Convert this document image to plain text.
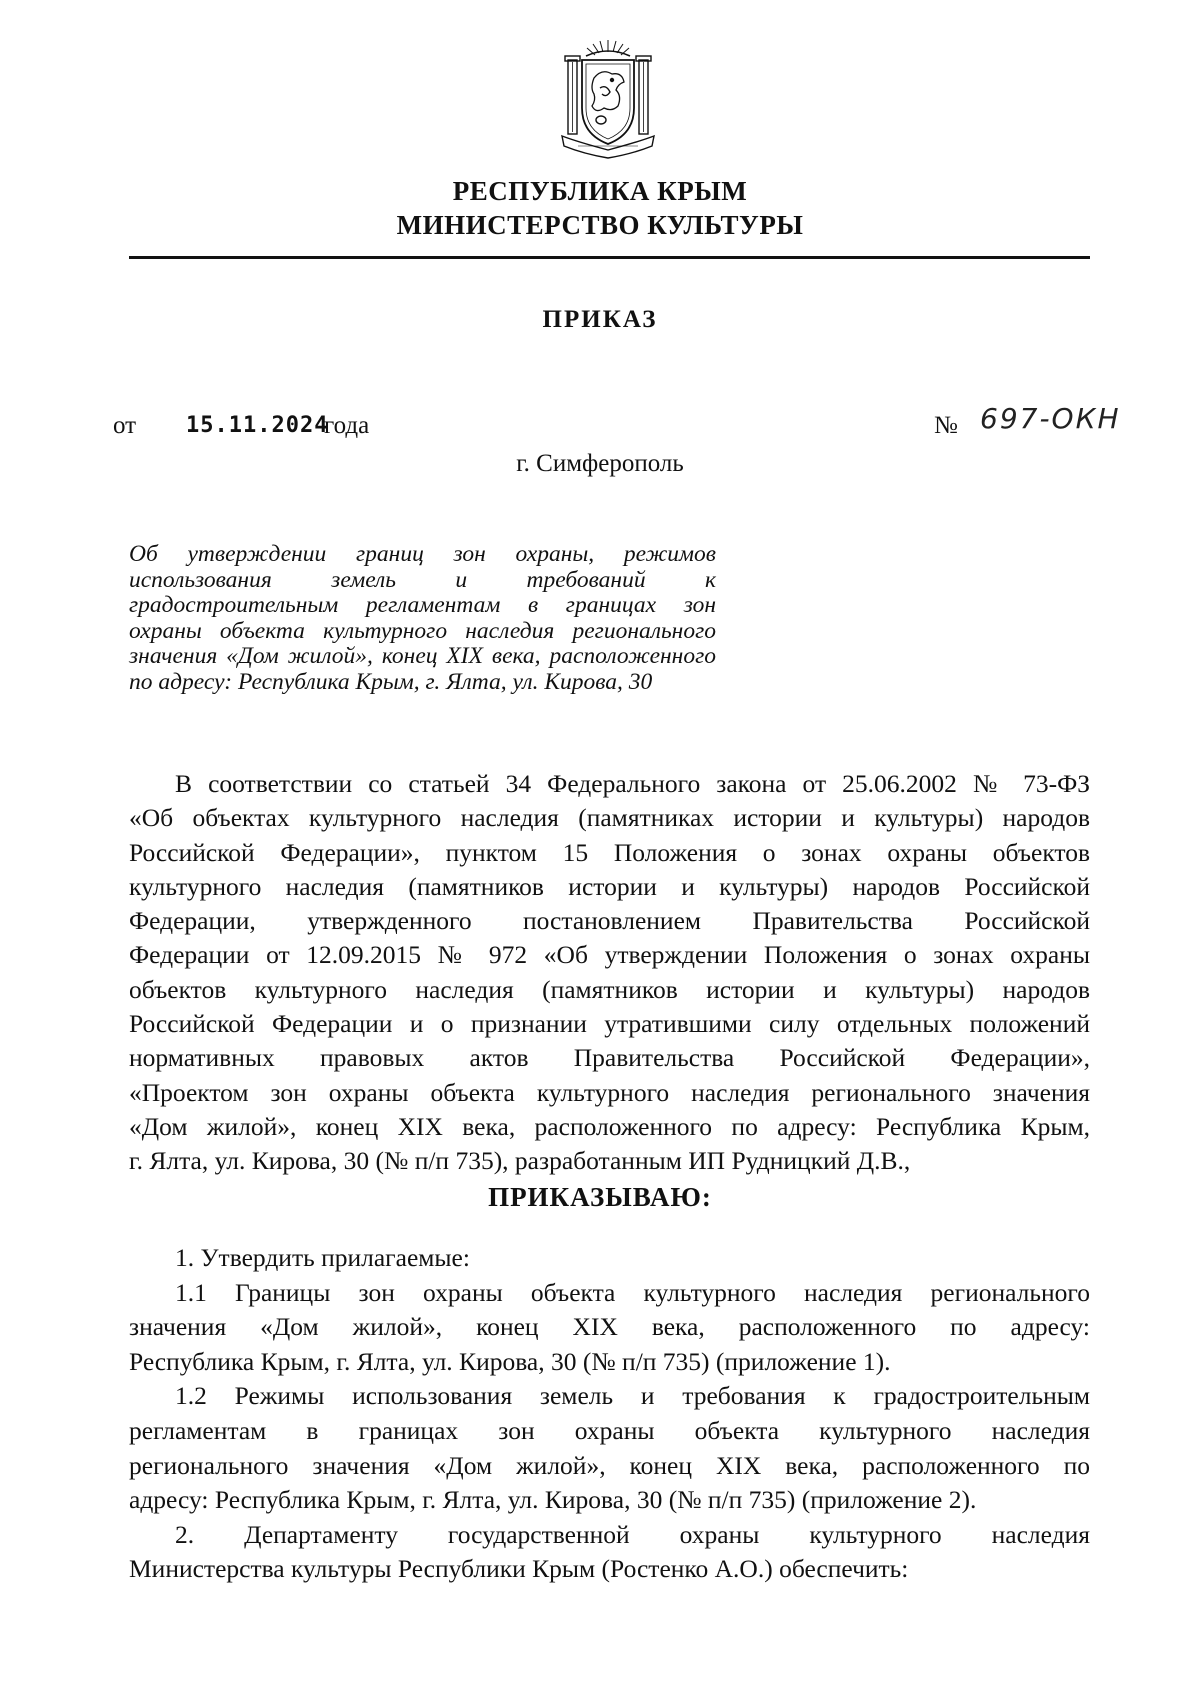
РЕСПУБЛИКА КРЫМ
МИНИСТЕРСТВО КУЛЬТУРЫ
ПРИКАЗ
от 15.11.2024
года	№ 697-ОКН
г. Симферополь
Об утверждении границ зон охраны, режимов
использования земель и требований к
градостроительным регламентам в границах зон
охраны объекта культурного наследия регионального
значения «Дом жилой», конец XIX века, расположенного
по адресу: Республика Крым, г. Ялта, ул. Кирова, 30
В соответствии со статьей 34 Федерального закона от 25.06.2002 № 73-ФЗ
«Об объектах культурного наследия (памятниках истории и культуры) народов
Российской Федерации», пунктом 15 Положения о зонах охраны объектов
культурного наследия (памятников истории и культуры) народов Российской
Федерации, утвержденного постановлением Правительства Российской
Федерации от 12.09.2015 № 972 «Об утверждении Положения о зонах охраны
объектов культурного наследия (памятников истории и культуры) народов
Российской Федерации и о признании утратившими силу отдельных положений
нормативных правовых актов Правительства Российской Федерации»,
«Проектом зон охраны объекта культурного наследия регионального значения
«Дом жилой», конец XIX века, расположенного по адресу: Республика Крым,
г. Ялта, ул. Кирова, 30 (№ п/п 735), разработанным ИП Рудницкий Д.В.,
ПРИКАЗЫВАЮ:
1. Утвердить прилагаемые:
1.1 Границы зон охраны объекта культурного наследия регионального
значения «Дом жилой», конец XIX века, расположенного по адресу:
Республика Крым, г. Ялта, ул. Кирова, 30 (№ п/п 735) (приложение 1).
1.2 Режимы использования земель и требования к градостроительным
регламентам в границах зон охраны объекта культурного наследия
регионального значения «Дом жилой», конец XIX века, расположенного по
адресу: Республика Крым, г. Ялта, ул. Кирова, 30 (№ п/п 735) (приложение 2).
2. Департаменту государственной охраны культурного наследия
Министерства культуры Республики Крым (Ростенко А.О.) обеспечить:
